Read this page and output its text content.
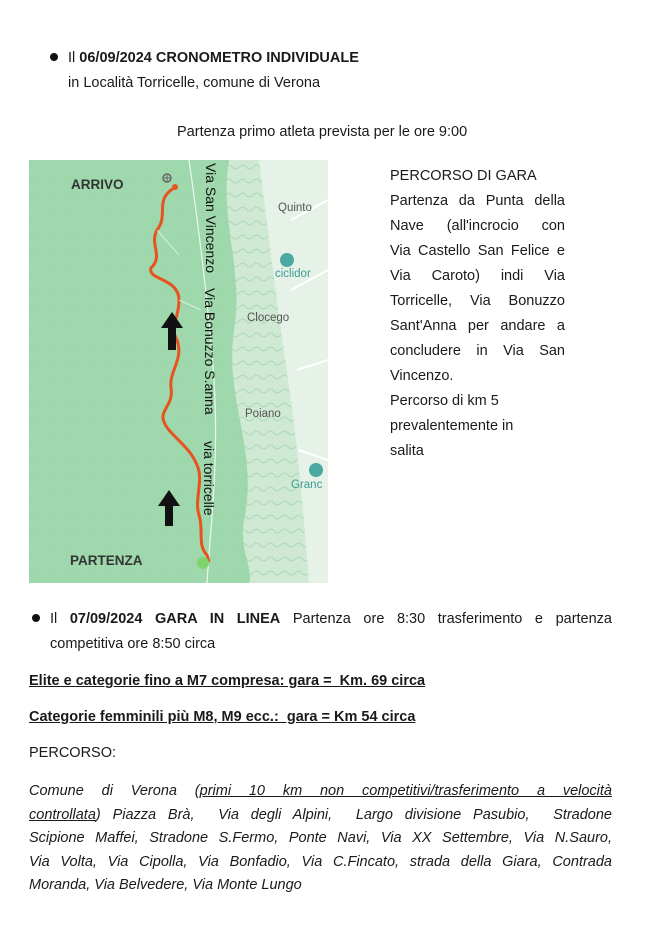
Il 06/09/2024 CRONOMETRO INDIVIDUALE
in Località Torricelle, comune di Verona
Partenza primo atleta prevista per le ore 9:00
ARRIVO
PARTENZA
Quinto
ciclidor
Clocego
Poiano
Granc
Via San Vincenzo
Via Bonuzzo S.anna
via torricelle

PERCORSO DI GARA

Partenza da Punta della

Nave (all'incrocio con

Via Castello San Felice e

Via Caroto) indi Via

Torricelle, Via Bonuzzo

Sant'Anna per andare a

concludere in Via San

Vincenzo.

Percorso di km 5

prevalentemente in

salita

Il 07/09/2024 GARA IN LINEA Partenza ore 8:30 trasferimento e partenza
competitiva ore 8:50 circa
Elite e categorie fino a M7 compresa: gara =  Km. 69 circa
Categorie femminili più M8, M9 ecc.:  gara = Km 54 circa
PERCORSO:
Comune di Verona (primi 10 km non competitivi/trasferimento a velocità
controllata) Piazza Brà,  Via degli Alpini,  Largo divisione Pasubio,  Stradone
Scipione Maffei, Stradone S.Fermo, Ponte Navi, Via XX Settembre, Via N.Sauro,
Via Volta, Via Cipolla, Via Bonfadio, Via C.Fincato, strada della Giara, Contrada
Moranda, Via Belvedere, Via Monte Lungo
